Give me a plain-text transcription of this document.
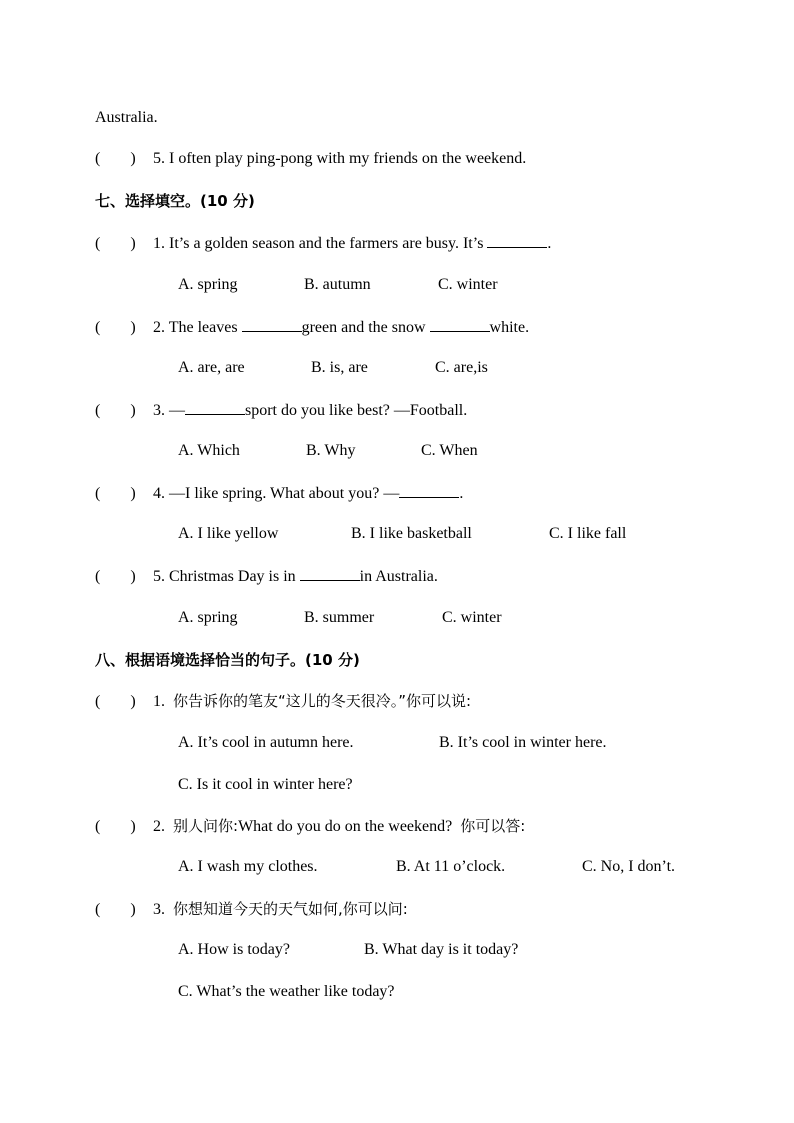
Australia.
( ) 5. I often play ping-pong with my friends on the weekend.
七、选择填空。(10 分)
( ) 1. It’s a golden season and the farmers are busy. It’s	.
A. spring	B. autumn	C. winter
( ) 2. The leaves	green and the snow	white.
A. are, are	B. is, are	C. are,is
( ) 3. —	sport do you like best? —Football.
A. Which	B. Why	C. When
( ) 4. —I like spring. What about you? —	.
A. I like yellow	B. I like basketball	C. I like fall
( ) 5. Christmas Day is in	in Australia.
A. spring	B. summer	C. winter
八、根据语境选择恰当的句子。(10 分)
( ) 1. 你告诉你的笔友“这儿的冬天很冷。”你可以说:
A. It’s cool in autumn here.	B. It’s cool in winter here.
C. Is it cool in winter here?
( ) 2. 别人问你:What do you do on the weekend? 你可以答:
A. I wash my clothes.	B. At 11 o’clock.	C. No, I don’t.
( ) 3. 你想知道今天的天气如何,你可以问:
A. How is today?	B. What day is it today?
C. What’s the weather like today?
